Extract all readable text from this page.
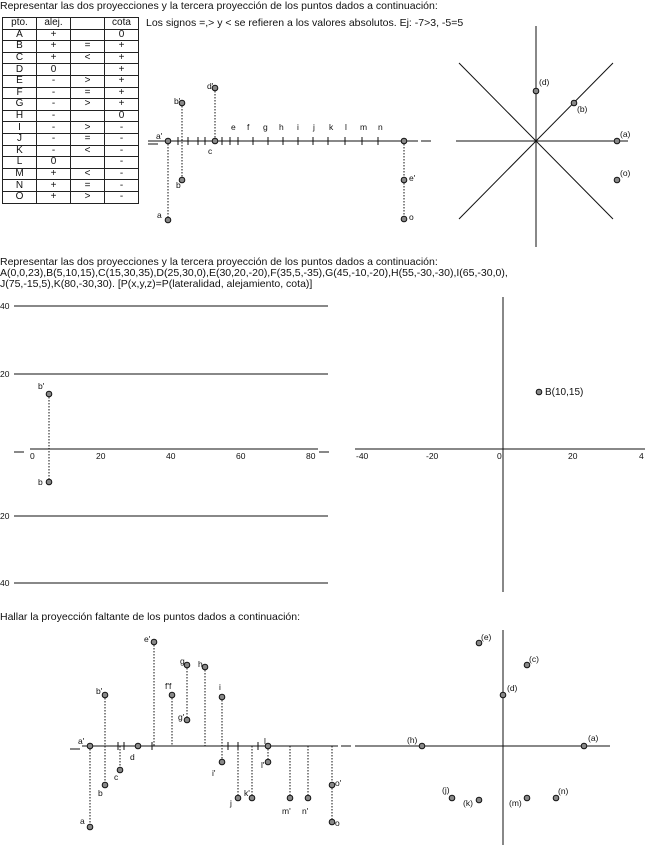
Representar las dos proyecciones y la tercera proyección de los puntos dados a continuación:
pto.	alej.		cota
A	+		0
B	+	=	+
C	+	<	+
D	0		+
E	-	>	+
F	-	=	+
G	-	>	+
H	-		0
I	-	>	-
J	-	=	-
K	-	<	-
L	0		-
M	+	<	-
N	+	=	-
O	+	>	-
Los signos =,> y < se refieren a los valores absolutos. Ej: -7>3, -5=5
e f g h i j k l m n
a'
a
b'
b
c
d'
e'
o
(d)
(b)
(a)
(o)
40
20
20
40
0	20	40	60	80	-40	-20	0	20	4
b'
b
B(10,15)
a'
a
b'
b
c
d
e'
f'f
g
g'
h
i
i'
j
k'
l
l'
m' n'
o'
o
(h)	(a)
(e)
(c)
(d)
(j)
(k)	(m)
(n)
Representar las dos proyecciones y la tercera proyección de los puntos dados a continuación:
A(0,0,23),B(5,10,15),C(15,30,35),D(25,30,0),E(30,20,-20),F(35,5,-35),G(45,-10,-20),H(55,-30,-30),I(65,-30,0),
J(75,-15,5),K(80,-30,30). [P(x,y,z)=P(lateralidad, alejamiento, cota)]
Hallar la proyección faltante de los puntos dados a continuación:
